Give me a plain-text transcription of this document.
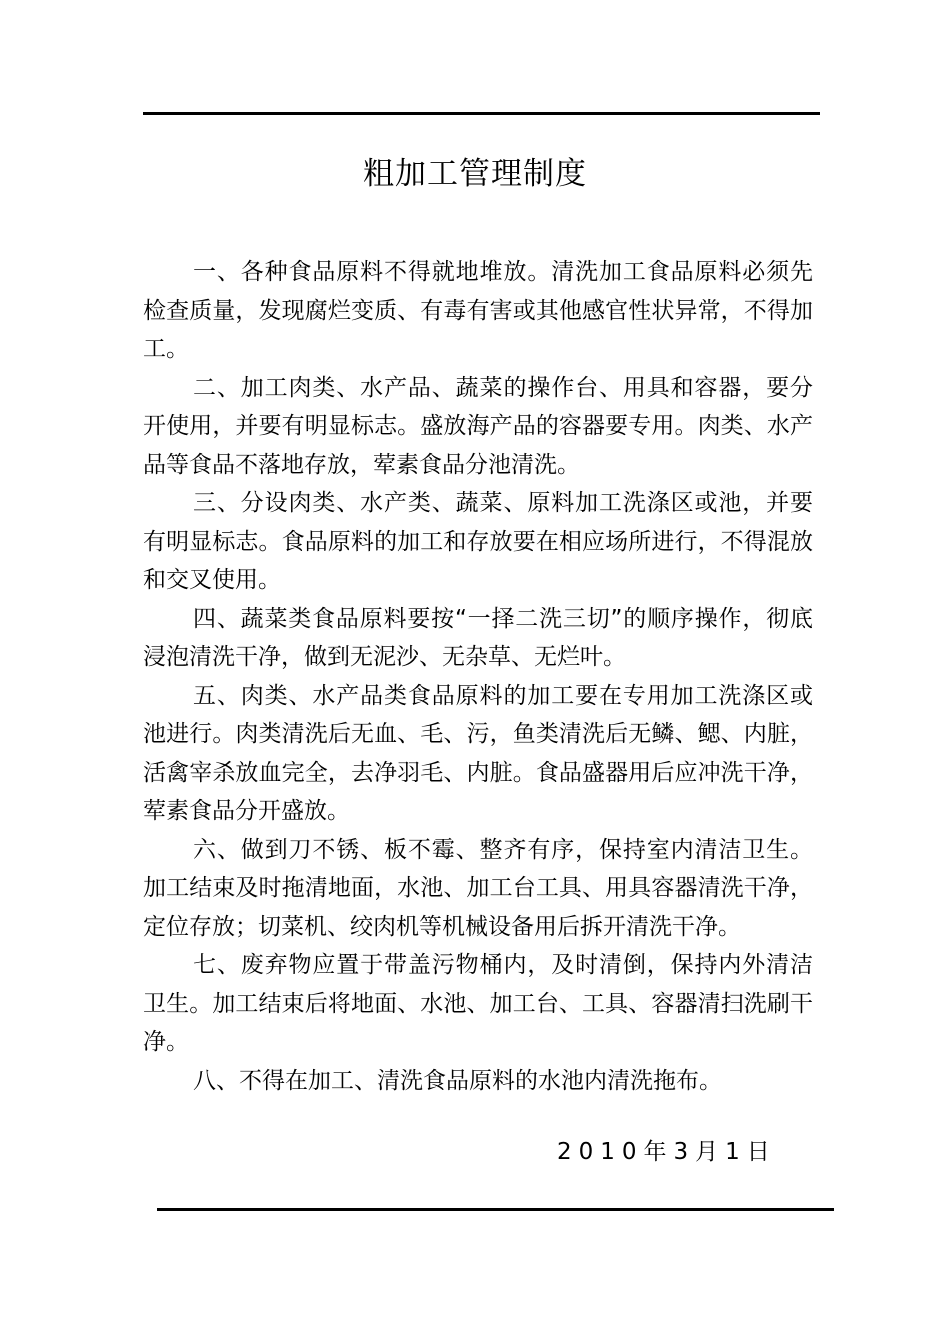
粗加工管理制度

一、各种食品原料不得就地堆放。清洗加工食品原料必须先检查质量，发现腐烂变质、有毒有害或其他感官性状异常，不得加工。

二、加工肉类、水产品、蔬菜的操作台、用具和容器，要分开使用，并要有明显标志。盛放海产品的容器要专用。肉类、水产品等食品不落地存放，荤素食品分池清洗。

三、分设肉类、水产类、蔬菜、原料加工洗涤区或池，并要有明显标志。食品原料的加工和存放要在相应场所进行，不得混放和交叉使用。

四、蔬菜类食品原料要按“一择二洗三切”的顺序操作，彻底浸泡清洗干净，做到无泥沙、无杂草、无烂叶。

五、肉类、水产品类食品原料的加工要在专用加工洗涤区或池进行。肉类清洗后无血、毛、污，鱼类清洗后无鳞、鳃、内脏，活禽宰杀放血完全，去净羽毛、内脏。食品盛器用后应冲洗干净，荤素食品分开盛放。

六、做到刀不锈、板不霉、整齐有序，保持室内清洁卫生。加工结束及时拖清地面，水池、加工台工具、用具容器清洗干净，定位存放；切菜机、绞肉机等机械设备用后拆开清洗干净。

七、废弃物应置于带盖污物桶内，及时清倒，保持内外清洁卫生。加工结束后将地面、水池、加工台、工具、容器清扫洗刷干净。

八、不得在加工、清洗食品原料的水池内清洗拖布。

2010年3月1日
